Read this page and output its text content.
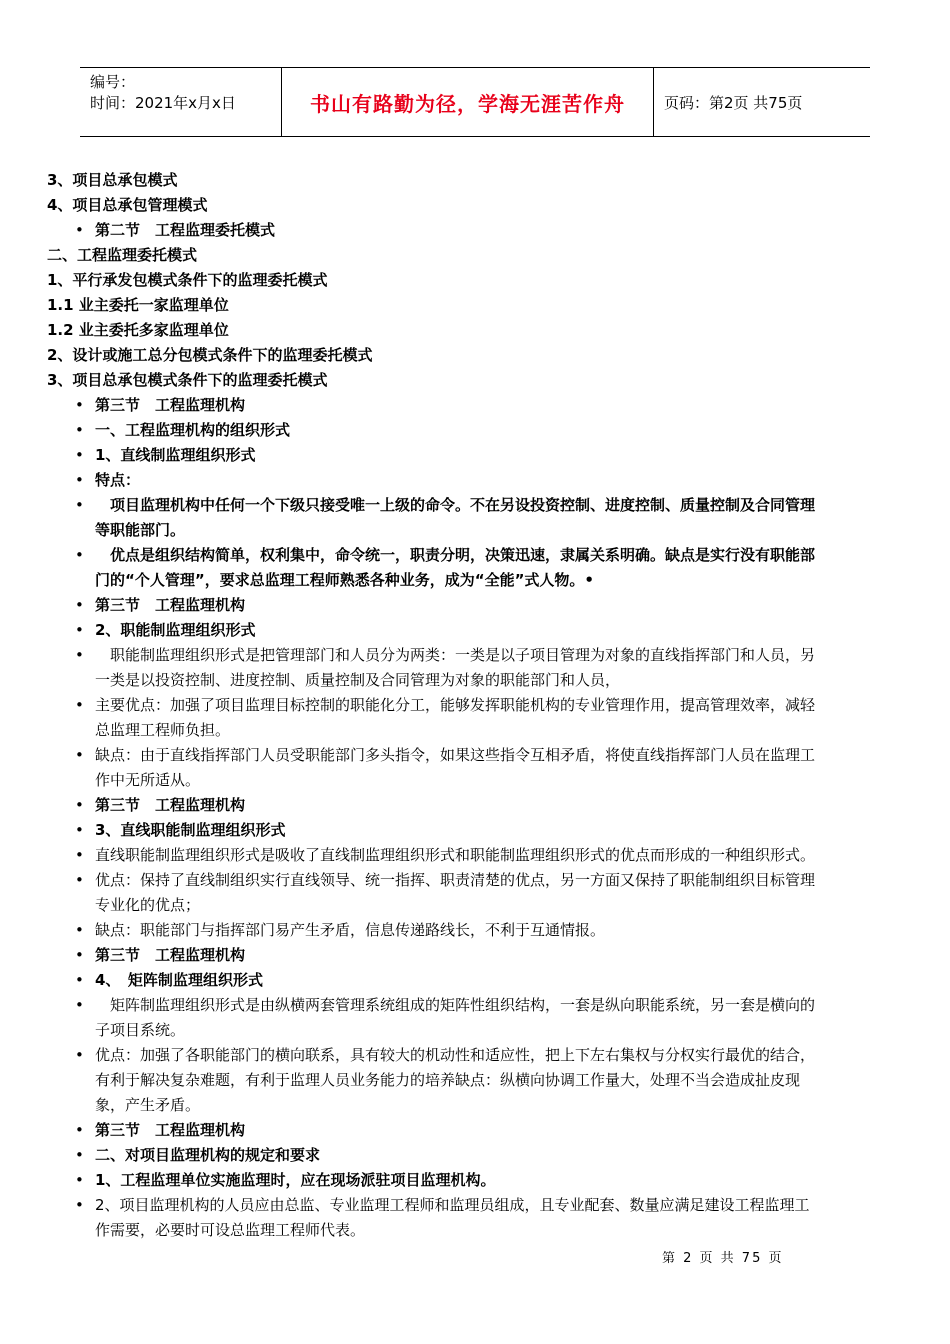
编号：
时间：2021年x月x日	书山有路勤为径，学海无涯苦作舟	页码：第2页 共75页
3、项目总承包模式
4、项目总承包管理模式
• 第二节　工程监理委托模式
二、工程监理委托模式
1、平行承发包模式条件下的监理委托模式
1.1 业主委托一家监理单位
1.2 业主委托多家监理单位
2、设计或施工总分包模式条件下的监理委托模式
3、项目总承包模式条件下的监理委托模式
• 第三节　工程监理机构
• 一、工程监理机构的组织形式
• 1、直线制监理组织形式
• 特点：
• 　项目监理机构中任何一个下级只接受唯一上级的命令。不在另设投资控制、进度控制、质量控制及合同管理
等职能部门。
• 　优点是组织结构简单，权利集中，命令统一，职责分明，决策迅速，隶属关系明确。缺点是实行没有职能部
门的“个人管理”，要求总监理工程师熟悉各种业务，成为“全能”式人物。•
• 第三节　工程监理机构
• 2、职能制监理组织形式
• 　职能制监理组织形式是把管理部门和人员分为两类：一类是以子项目管理为对象的直线指挥部门和人员，另
一类是以投资控制、进度控制、质量控制及合同管理为对象的职能部门和人员，
• 主要优点：加强了项目监理目标控制的职能化分工，能够发挥职能机构的专业管理作用，提高管理效率，减轻
总监理工程师负担。
• 缺点：由于直线指挥部门人员受职能部门多头指令，如果这些指令互相矛盾，将使直线指挥部门人员在监理工
作中无所适从。
• 第三节　工程监理机构
• 3、直线职能制监理组织形式
• 直线职能制监理组织形式是吸收了直线制监理组织形式和职能制监理组织形式的优点而形成的一种组织形式。
• 优点：保持了直线制组织实行直线领导、统一指挥、职责清楚的优点，另一方面又保持了职能制组织目标管理
专业化的优点；
• 缺点：职能部门与指挥部门易产生矛盾，信息传递路线长，不利于互通情报。
• 第三节　工程监理机构
• 4、　矩阵制监理组织形式
• 　矩阵制监理组织形式是由纵横两套管理系统组成的矩阵性组织结构，一套是纵向职能系统，另一套是横向的
子项目系统。
• 优点：加强了各职能部门的横向联系，具有较大的机动性和适应性，把上下左右集权与分权实行最优的结合，
有利于解决复杂难题，有利于监理人员业务能力的培养缺点：纵横向协调工作量大，处理不当会造成扯皮现
象，产生矛盾。
• 第三节　工程监理机构
• 二、对项目监理机构的规定和要求
• 1、工程监理单位实施监理时，应在现场派驻项目监理机构。
• 2、项目监理机构的人员应由总监、专业监理工程师和监理员组成，且专业配套、数量应满足建设工程监理工
作需要，必要时可设总监理工程师代表。
第 2 页 共 75 页
